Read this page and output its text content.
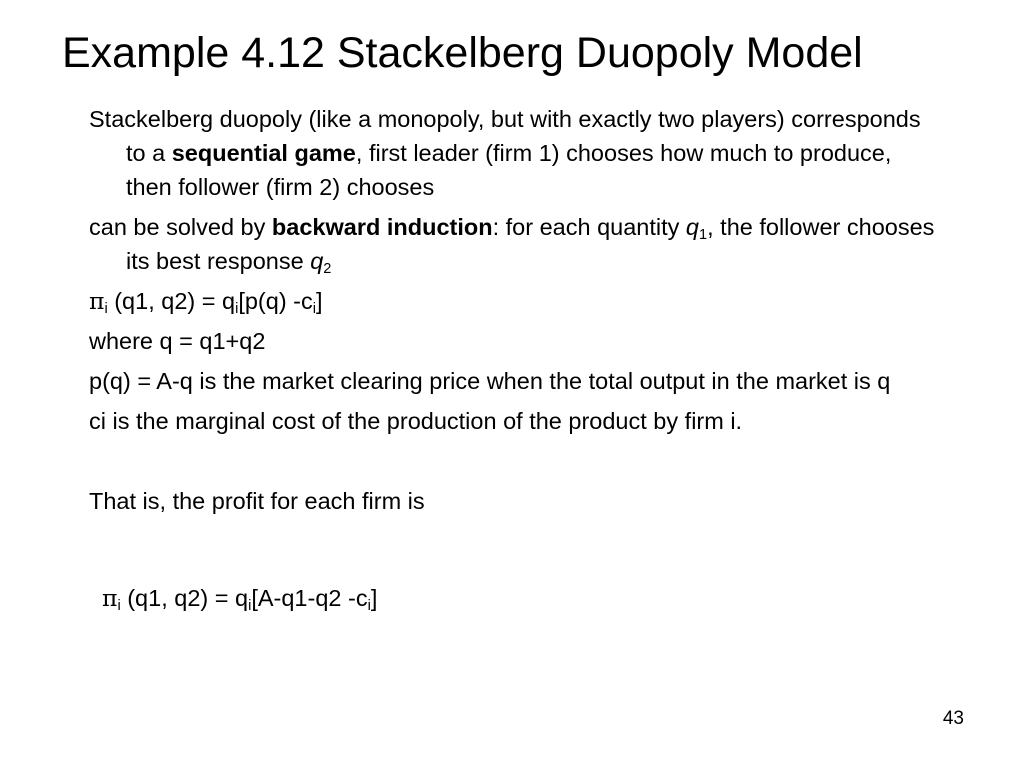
Example 4.12 Stackelberg Duopoly Model

Stackelberg duopoly (like a monopoly, but with exactly two players) corresponds to a sequential game, first leader (firm 1) chooses how much to produce, then follower (firm 2) chooses

can be solved by backward induction: for each quantity $q_1$, the follower chooses its best response $q_2$

$\pi_i$ (q1, $q2) = q_i[p(q)$ $-c_i$]

where q = q1+q2

p(q) = A-q is the market clearing price when the total output in the market is q

ci is the marginal cost of the production of the product by firm i.

That is, the profit for each firm is

$\pi_i$ (q1, $q2) = q_i[A-q1-q2$ $-c_i$]
43
